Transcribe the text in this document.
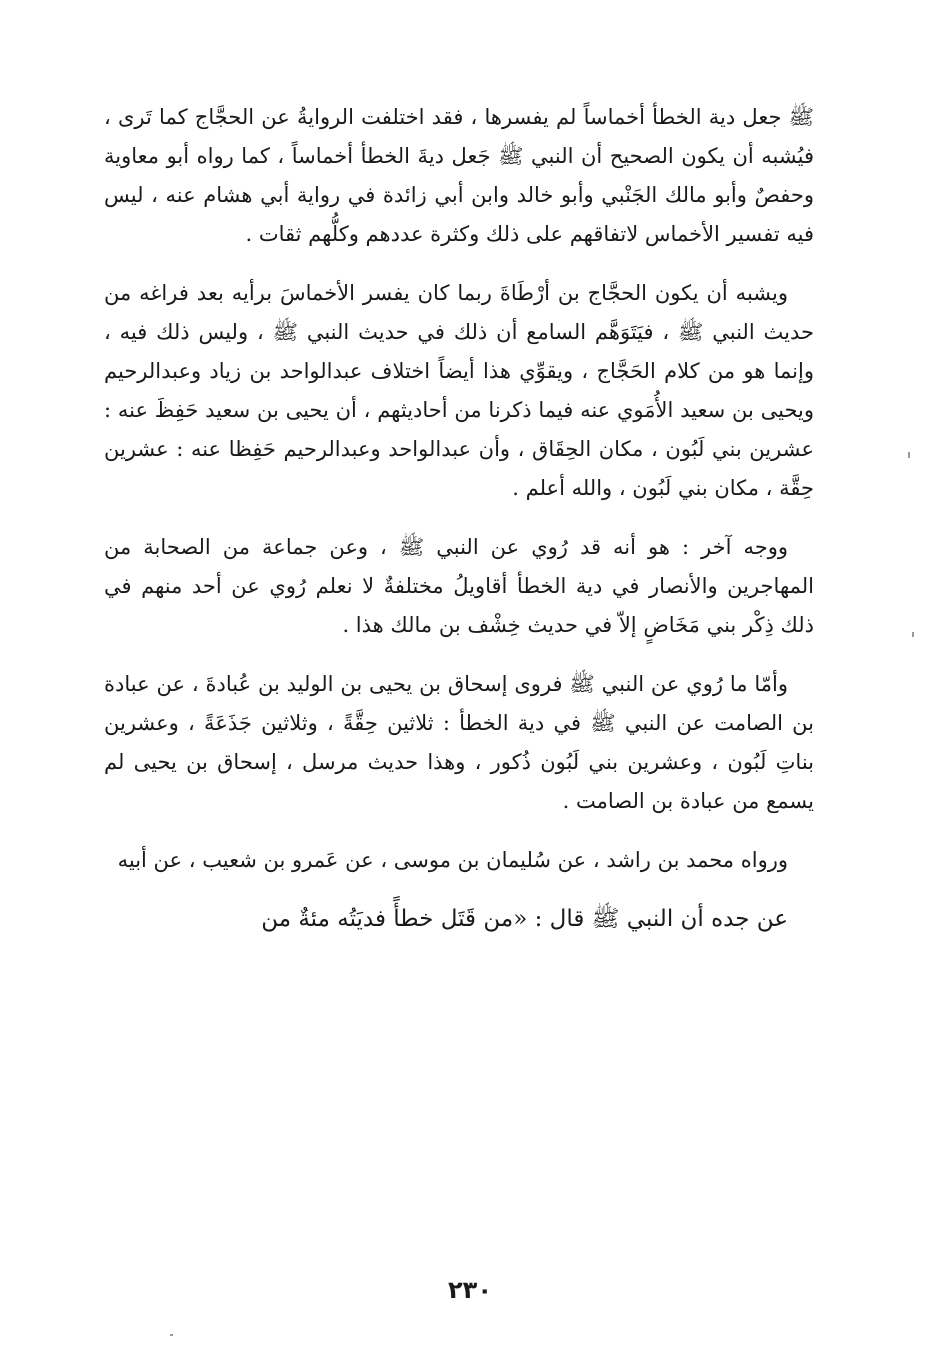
ﷺ جعل دية الخطأ أخماساً لم يفسرها ، فقد اختلفت الروايةُ عن الحجَّاج كما تَرى ، فيُشبه أن يكون الصحيح أن النبي ﷺ جَعل ديةَ الخطأ أخماساً ، كما رواه أبو معاوية وحفصٌ وأبو مالك الجَنْبي وأبو خالد وابن أبي زائدة في رواية أبي هشام عنه ، ليس فيه تفسير الأخماس لاتفاقهم على ذلك وكثرة عددهم وكلُّهم ثقات .

ويشبه أن يكون الحجَّاج بن أرْطَاةَ ربما كان يفسر الأخماسَ برأيه بعد فراغه من حديث النبي ﷺ ، فيَتَوَهَّم السامع أن ذلك في حديث النبي ﷺ ، وليس ذلك فيه ، وإنما هو من كلام الحَجَّاج ، ويقوِّي هذا أيضاً اختلاف عبدالواحد بن زياد وعبدالرحيم ويحيى بن سعيد الأُمَوي عنه فيما ذكرنا من أحاديثهم ، أن يحيى بن سعيد حَفِظَ عنه : عشرين بني لَبُون ، مكان الحِقَاق ، وأن عبدالواحد وعبدالرحيم حَفِظا عنه : عشرين حِقَّة ، مكان بني لَبُون ، والله أعلم .

ووجه آخر : هو أنه قد رُوي عن النبي ﷺ ، وعن جماعة من الصحابة من المهاجرين والأنصار في دية الخطأ أقاويلُ مختلفةٌ لا نعلم رُوي عن أحد منهم في ذلك ذِكْر بني مَخَاضٍ إلاّ في حديث خِشْف بن مالك هذا .

وأمّا ما رُوي عن النبي ﷺ فروى إسحاق بن يحيى بن الوليد بن عُبادةَ ، عن عبادة بن الصامت عن النبي ﷺ في دية الخطأ : ثلاثين حِقَّةً ، وثلاثين جَذَعَةً ، وعشرين بناتِ لَبُون ، وعشرين بني لَبُون ذُكور ، وهذا حديث مرسل ، إسحاق بن يحيى لم يسمع من عبادة بن الصامت .

ورواه محمد بن راشد ، عن سُليمان بن موسى ، عن عَمرو بن شعيب ، عن أبيه

عن جده أن النبي ﷺ قال : «من قَتَل خطأً فديَتُه مئةٌ من

٢٣٠
